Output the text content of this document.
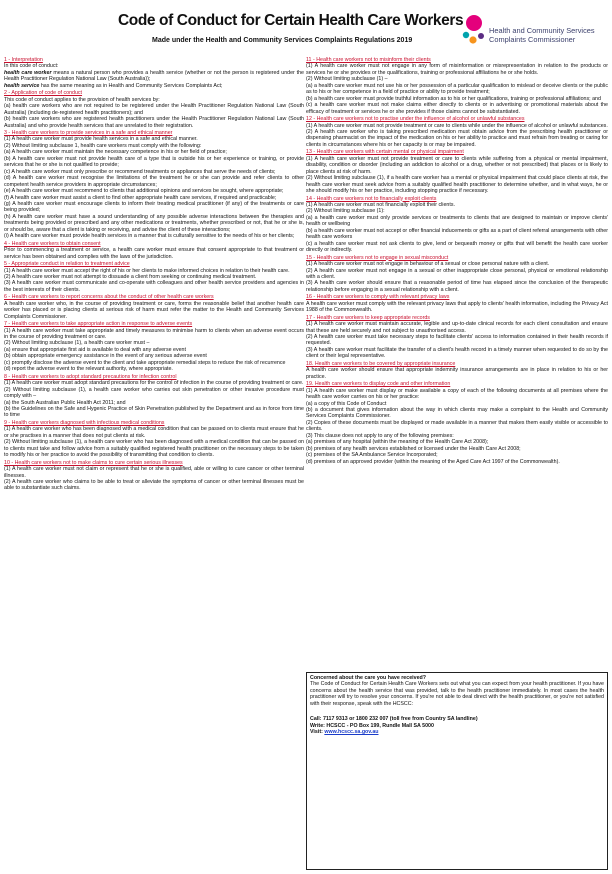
Code of Conduct for Certain Health Care Workers
Made under the Health and Community Services Complaints Regulations 2019
Health and Community Services
Complaints Commissioner
1 - Interpretation
In this code of conduct:
health care worker means a natural person who provides a health service (whether or not the person is registered under the Health Practitioner Regulation National Law (South Australia));
health service has the same meaning as in Health and Community Services Complaints Act;
2 - Application of code of conduct
This code of conduct applies to the provision of health services by:
(a) health care workers who are not required to be registered under the Health Practitioner Regulation National Law (South Australia) (including de-registered health practitioners); and
(b) health care workers who are registered health practitioners under the Health Practitioner Regulation National Law (South Australia) and who provide health services that are unrelated to their registration.
3 - Health care workers to provide services in a safe and ethical manner
(1) A health care worker must provide health services in a safe and ethical manner.
(2) Without limiting subclause 1, health care workers must comply with the following:
(a) A health care worker must maintain the necessary competence in his or her field of practice;
(b) A health care worker must not provide health care of a type that is outside his or her experience or training, or provide services that he or she is not qualified to provide;
(c) A health care worker must only prescribe or recommend treatments or appliances that serve the needs of clients;
(d) A health care worker must recognise the limitations of the treatment he or she can provide and refer clients to other competent health service providers in appropriate circumstances;
(e) A health care worker must recommend to clients that additional opinions and services be sought, where appropriate;
(f) A health care worker must assist a client to find other appropriate health care services, if required and practicable;
(g) A health care worker must encourage clients to inform their treating medical practitioner (if any) of the treatments or care being provided;
(h) A health care worker must have a sound understanding of any possible adverse interactions between the therapies and treatments being provided or prescribed and any other medications or treatments, whether prescribed or not, that he or she is, or should be, aware that a client is taking or receiving, and advise the client of these interactions;
(i) A health care worker must provide health services in a manner that is culturally sensitive to the needs of his or her clients;
4 - Health care workers to obtain consent
Prior to commencing a treatment or service, a health care worker must ensure that consent appropriate to that treatment or service has been obtained and complies with the laws of the jurisdiction.
5 - Appropriate conduct in relation to treatment advice
(1) A health care worker must accept the right of his or her clients to make informed choices in relation to their health care.
(2) A health care worker must not attempt to dissuade a client from seeking or continuing medical treatment.
(3) A health care worker must communicate and co-operate with colleagues and other health service providers and agencies in the best interests of their clients.
6 - Health care workers to report concerns about the conduct of other health care workers
A health care worker who, in the course of providing treatment or care, forms the reasonable belief that another health care worker has placed or is placing clients at serious risk of harm must refer the matter to the Health and Community Services Complaints Commissioner.
7 - Health care workers to take appropriate action in response to adverse events
(1) A health care worker must take appropriate and timely measures to minimise harm to clients when an adverse event occurs in the course of providing treatment or care.
(2) Without limiting subclause (1), a health care worker must –
(a) ensure that appropriate first aid is available to deal with any adverse event
(b) obtain appropriate emergency assistance in the event of any serious adverse event
(c) promptly disclose the adverse event to the client and take appropriate remedial steps to reduce the risk of recurrence
(d) report the adverse event to the relevant authority, where appropriate.
8 - Health care workers to adopt standard precautions for infection control
(1) A health care worker must adopt standard precautions for the control of infection in the course of providing treatment or care.
(2) Without limiting subclause (1), a health care worker who carries out skin penetration or other invasive procedure must comply with –
(a) the South Australian Public Health Act 2011; and
(b) the Guidelines on the Safe and Hygenic Practice of Skin Penetration published by the Department and as in force from time to time
9 - Health care workers diagnosed with infectious medical conditions
(1) A health care worker who has been diagnosed with a medical condition that can be passed on to clients must ensure that he or she practises in a manner that does not put clients at risk.
(2) Without limiting subclause (1), a health care worker who has been diagnosed with a medical condition that can be passed on to clients must take and follow advice from a suitably qualified registered health practitioner on the necessary steps to be taken to modify his or her practice to avoid the possibility of transmitting that condition to clients.
10 - Health care workers not to make claims to cure certain serious illnesses
(1) A health care worker must not claim or represent that he or she is qualified, able or willing to cure cancer or other terminal illnesses.
(2) A health care worker who claims to be able to treat or alleviate the symptoms of cancer or other terminal illnesses must be able to substantiate such claims.
11 - Health care workers not to misinform their clients
(1) A health care worker must not engage in any form of misinformation or misrepresentation in relation to the products or services he or she provides or the qualifications, training or professional affiliations he or she holds.
(2) Without limiting subclause (1) –
(a) a health care worker must not use his or her possession of a particular qualification to mislead or deceive clients or the public as to his or her competence in a field of practice or ability to provide treatment;
(b) a health care worker must provide truthful information as to his or her qualifications, training or professional affiliations; and
(c) a health care worker must not make claims either directly to clients or in advertising or promotional materials about the efficacy of treatment or services he or she provides if those claims cannot be substantiated.
12 - Health care workers not to practise under the influence of alcohol or unlawful substances
(1) A health care worker must not provide treatment or care to clients while under the influence of alcohol or unlawful substances.
(2) A health care worker who is taking prescribed medication must obtain advice from the prescribing health practitioner or dispensing pharmacist on the impact of the medication on his or her ability to practice and must refrain from treating or caring for clients in circumstances where his or her capacity is or may be impaired.
13 - Health care workers with certain mental or physical impairment
(1) A health care worker must not provide treatment or care to clients while suffering from a physical or mental impairment, disability, condition or disorder (including an addiction to alcohol or a drug, whether or not prescribed) that places or is likely to place clients at risk of harm.
(2) Without limiting subclause (1), if a health care worker has a mental or physical impairment that could place clients at risk, the health care worker must seek advice from a suitably qualified health practitioner to determine whether, and in what ways, he or she should modify his or her practice, including stopping practice if necessary.
14 - Health care workers not to financially exploit clients
(1) A health care worker must not financially exploit their clients.
(2) Without limiting subclause (1):
(a) a health care worker must only provide services or treatments to clients that are designed to maintain or improve clients' health or wellbeing
(b) a health care worker must not accept or offer financial inducements or gifts as a part of client referral arrangements with other health care workers
(c) a health care worker must not ask clients to give, lend or bequeath money or gifts that will benefit the health care worker directly or indirectly.
15 - Health care workers not to engage in sexual misconduct
(1) A health care worker must not engage in behaviour of a sexual or close personal nature with a client.
(2) A health care worker must not engage in a sexual or other inappropriate close personal, physical or emotional relationship with a client.
(3) A health care worker should ensure that a reasonable period of time has elapsed since the conclusion of the therapeutic relationship before engaging in a sexual relationship with a client.
16 - Health care workers to comply with relevant privacy laws
A health care worker must comply with the relevant privacy laws that apply to clients' health information, including the Privacy Act 1988 of the Commonwealth.
17 - Health care workers to keep appropriate records
(1) A health care worker must maintain accurate, legible and up-to-date clinical records for each client consultation and ensure that these are held securely and not subject to unauthorised access.
(2) A health care worker must take necessary steps to facilitate clients' access to information contained in their health records if requested.
(3) A health care worker must facilitate the transfer of a client's health record in a timely manner when requested to do so by the client or their legal representative.
18. Health care workers to be covered by appropriate insurance
A health care worker should ensure that appropriate indemnity insurance arrangements are in place in relation to his or her practice.
19. Health care workers to display code and other information
(1) A health care worker must display or make available a copy of each of the following documents at all premises where the health care worker carries on his or her practice:
(a) a copy of this Code of Conduct
(b) a document that gives information about the way in which clients may make a complaint to the Health and Community Services Complaints Commissioner.
(2) Copies of these documents must be displayed or made available in a manner that makes them easily visible or accessible to clients.
(3) This clause does not apply to any of the following premises:
(a) premises of any hospital (within the meaning of the Health Care Act 2008);
(b) premises of any health services established or licensed under the Health Care Act 2008;
(c) premises of the SA Ambulance Service Incorporated;
(d) premises of an approved provider (within the meaning of the Aged Care Act 1997 of the Commonwealth).
Concerned about the care you have received?
The Code of Conduct for Certain Health Care Workers sets out what you can expect from your health practitioner. If you have concerns about the health service that was provided, talk to the health practitioner immediately. In most cases the health practitioner will try to resolve your concerns. If you're not able to deal direct with the health practitioner, or you're not satisfied with their response, speak with the HCSCC:
Call: 7117 9313 or 1800 232 007 (toll free from Country SA landline)
Write: HCSCC - PO Box 199, Rundle Mall SA 5000
Visit: www.hcscc.sa.gov.au
